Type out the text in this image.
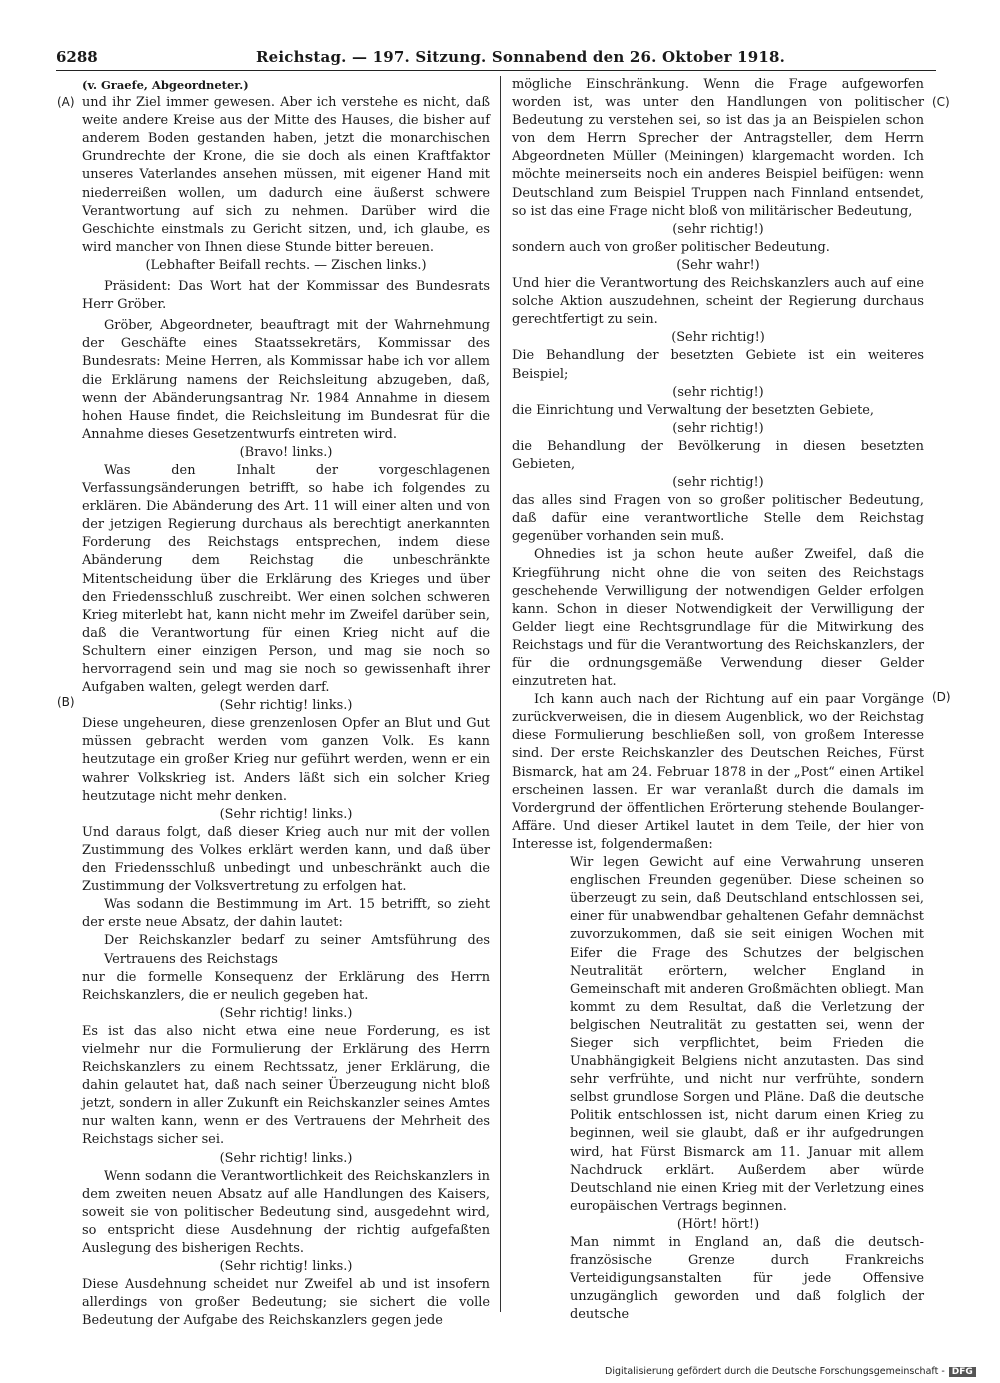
6288	Reichstag. — 197. Sitzung. Sonnabend den 26. Oktober 1918.
(A)
(B)
(C)
(D)

(v. Graefe, Abgeordneter.)

und ihr Ziel immer gewesen. Aber ich verstehe es nicht, daß weite andere Kreise aus der Mitte des Hauses, die bisher auf anderem Boden gestanden haben, jetzt die monarchischen Grundrechte der Krone, die sie doch als einen Kraftfaktor unseres Vaterlandes ansehen müssen, mit eigener Hand mit niederreißen wollen, um dadurch eine äußerst schwere Verantwortung auf sich zu nehmen. Darüber wird die Geschichte einstmals zu Gericht sitzen, und, ich glaube, es wird mancher von Ihnen diese Stunde bitter bereuen.

(Lebhafter Beifall rechts. — Zischen links.)

Präsident: Das Wort hat der Kommissar des Bundesrats Herr Gröber.

Gröber, Abgeordneter, beauftragt mit der Wahrnehmung der Geschäfte eines Staatssekretärs, Kommissar des Bundesrats: Meine Herren, als Kommissar habe ich vor allem die Erklärung namens der Reichsleitung abzugeben, daß, wenn der Abänderungsantrag Nr. 1984 Annahme in diesem hohen Hause findet, die Reichsleitung im Bundesrat für die Annahme dieses Gesetzentwurfs eintreten wird.

(Bravo! links.)

Was den Inhalt der vorgeschlagenen Verfassungsänderungen betrifft, so habe ich folgendes zu erklären. Die Abänderung des Art. 11 will einer alten und von der jetzigen Regierung durchaus als berechtigt anerkannten Forderung des Reichstags entsprechen, indem diese Abänderung dem Reichstag die unbeschränkte Mitentscheidung über die Erklärung des Krieges und über den Friedensschluß zuschreibt. Wer einen solchen schweren Krieg miterlebt hat, kann nicht mehr im Zweifel darüber sein, daß die Verantwortung für einen Krieg nicht auf die Schultern einer einzigen Person, und mag sie noch so hervorragend sein und mag sie noch so gewissenhaft ihrer Aufgaben walten, gelegt werden darf.

(Sehr richtig! links.)

Diese ungeheuren, diese grenzenlosen Opfer an Blut und Gut müssen gebracht werden vom ganzen Volk. Es kann heutzutage ein großer Krieg nur geführt werden, wenn er ein wahrer Volkskrieg ist. Anders läßt sich ein solcher Krieg heutzutage nicht mehr denken.

(Sehr richtig! links.)

Und daraus folgt, daß dieser Krieg auch nur mit der vollen Zustimmung des Volkes erklärt werden kann, und daß über den Friedensschluß unbedingt und unbeschränkt auch die Zustimmung der Volksvertretung zu erfolgen hat.

Was sodann die Bestimmung im Art. 15 betrifft, so zieht der erste neue Absatz, der dahin lautet:

Der Reichskanzler bedarf zu seiner Amtsführung des Vertrauens des Reichstags

nur die formelle Konsequenz der Erklärung des Herrn Reichskanzlers, die er neulich gegeben hat.

(Sehr richtig! links.)

Es ist das also nicht etwa eine neue Forderung, es ist vielmehr nur die Formulierung der Erklärung des Herrn Reichskanzlers zu einem Rechtssatz, jener Erklärung, die dahin gelautet hat, daß nach seiner Überzeugung nicht bloß jetzt, sondern in aller Zukunft ein Reichskanzler seines Amtes nur walten kann, wenn er des Vertrauens der Mehrheit des Reichstags sicher sei.

(Sehr richtig! links.)

Wenn sodann die Verantwortlichkeit des Reichskanzlers in dem zweiten neuen Absatz auf alle Handlungen des Kaisers, soweit sie von politischer Bedeutung sind, ausgedehnt wird, so entspricht diese Ausdehnung der richtig aufgefaßten Auslegung des bisherigen Rechts.

(Sehr richtig! links.)

Diese Ausdehnung scheidet nur Zweifel ab und ist insofern allerdings von großer Bedeutung; sie sichert die volle Bedeutung der Aufgabe des Reichskanzlers gegen jede

mögliche Einschränkung. Wenn die Frage aufgeworfen worden ist, was unter den Handlungen von politischer Bedeutung zu verstehen sei, so ist das ja an Beispielen schon von dem Herrn Sprecher der Antragsteller, dem Herrn Abgeordneten Müller (Meiningen) klargemacht worden. Ich möchte meinerseits noch ein anderes Beispiel beifügen: wenn Deutschland zum Beispiel Truppen nach Finnland entsendet, so ist das eine Frage nicht bloß von militärischer Bedeutung,

(sehr richtig!)

sondern auch von großer politischer Bedeutung.

(Sehr wahr!)

Und hier die Verantwortung des Reichskanzlers auch auf eine solche Aktion auszudehnen, scheint der Regierung durchaus gerechtfertigt zu sein.

(Sehr richtig!)

Die Behandlung der besetzten Gebiete ist ein weiteres Beispiel;

(sehr richtig!)

die Einrichtung und Verwaltung der besetzten Gebiete,

(sehr richtig!)

die Behandlung der Bevölkerung in diesen besetzten Gebieten,

(sehr richtig!)

das alles sind Fragen von so großer politischer Bedeutung, daß dafür eine verantwortliche Stelle dem Reichstag gegenüber vorhanden sein muß.

Ohnedies ist ja schon heute außer Zweifel, daß die Kriegführung nicht ohne die von seiten des Reichstags geschehende Verwilligung der notwendigen Gelder erfolgen kann. Schon in dieser Notwendigkeit der Verwilligung der Gelder liegt eine Rechtsgrundlage für die Mitwirkung des Reichstags und für die Verantwortung des Reichskanzlers, der für die ordnungsgemäße Verwendung dieser Gelder einzutreten hat.

Ich kann auch nach der Richtung auf ein paar Vorgänge zurückverweisen, die in diesem Augenblick, wo der Reichstag diese Formulierung beschließen soll, von großem Interesse sind. Der erste Reichskanzler des Deutschen Reiches, Fürst Bismarck, hat am 24. Februar 1878 in der „Post“ einen Artikel erscheinen lassen. Er war veranlaßt durch die damals im Vordergrund der öffentlichen Erörterung stehende Boulanger-Affäre. Und dieser Artikel lautet in dem Teile, der hier von Interesse ist, folgendermaßen:

Wir legen Gewicht auf eine Verwahrung unseren englischen Freunden gegenüber. Diese scheinen so überzeugt zu sein, daß Deutschland entschlossen sei, einer für unabwendbar gehaltenen Gefahr demnächst zuvorzukommen, daß sie seit einigen Wochen mit Eifer die Frage des Schutzes der belgischen Neutralität erörtern, welcher England in Gemeinschaft mit anderen Großmächten obliegt. Man kommt zu dem Resultat, daß die Verletzung der belgischen Neutralität zu gestatten sei, wenn der Sieger sich verpflichtet, beim Frieden die Unabhängigkeit Belgiens nicht anzutasten. Das sind sehr verfrühte, und nicht nur verfrühte, sondern selbst grundlose Sorgen und Pläne. Daß die deutsche Politik entschlossen ist, nicht darum einen Krieg zu beginnen, weil sie glaubt, daß er ihr aufgedrungen wird, hat Fürst Bismarck am 11. Januar mit allem Nachdruck erklärt. Außerdem aber würde Deutschland nie einen Krieg mit der Verletzung eines europäischen Vertrags beginnen.

(Hört! hört!)

Man nimmt in England an, daß die deutsch-französische Grenze durch Frankreichs Verteidigungsanstalten für jede Offensive unzugänglich geworden und daß folglich der deutsche

Digitalisierung gefördert durch die Deutsche Forschungsgemeinschaft - DFG
